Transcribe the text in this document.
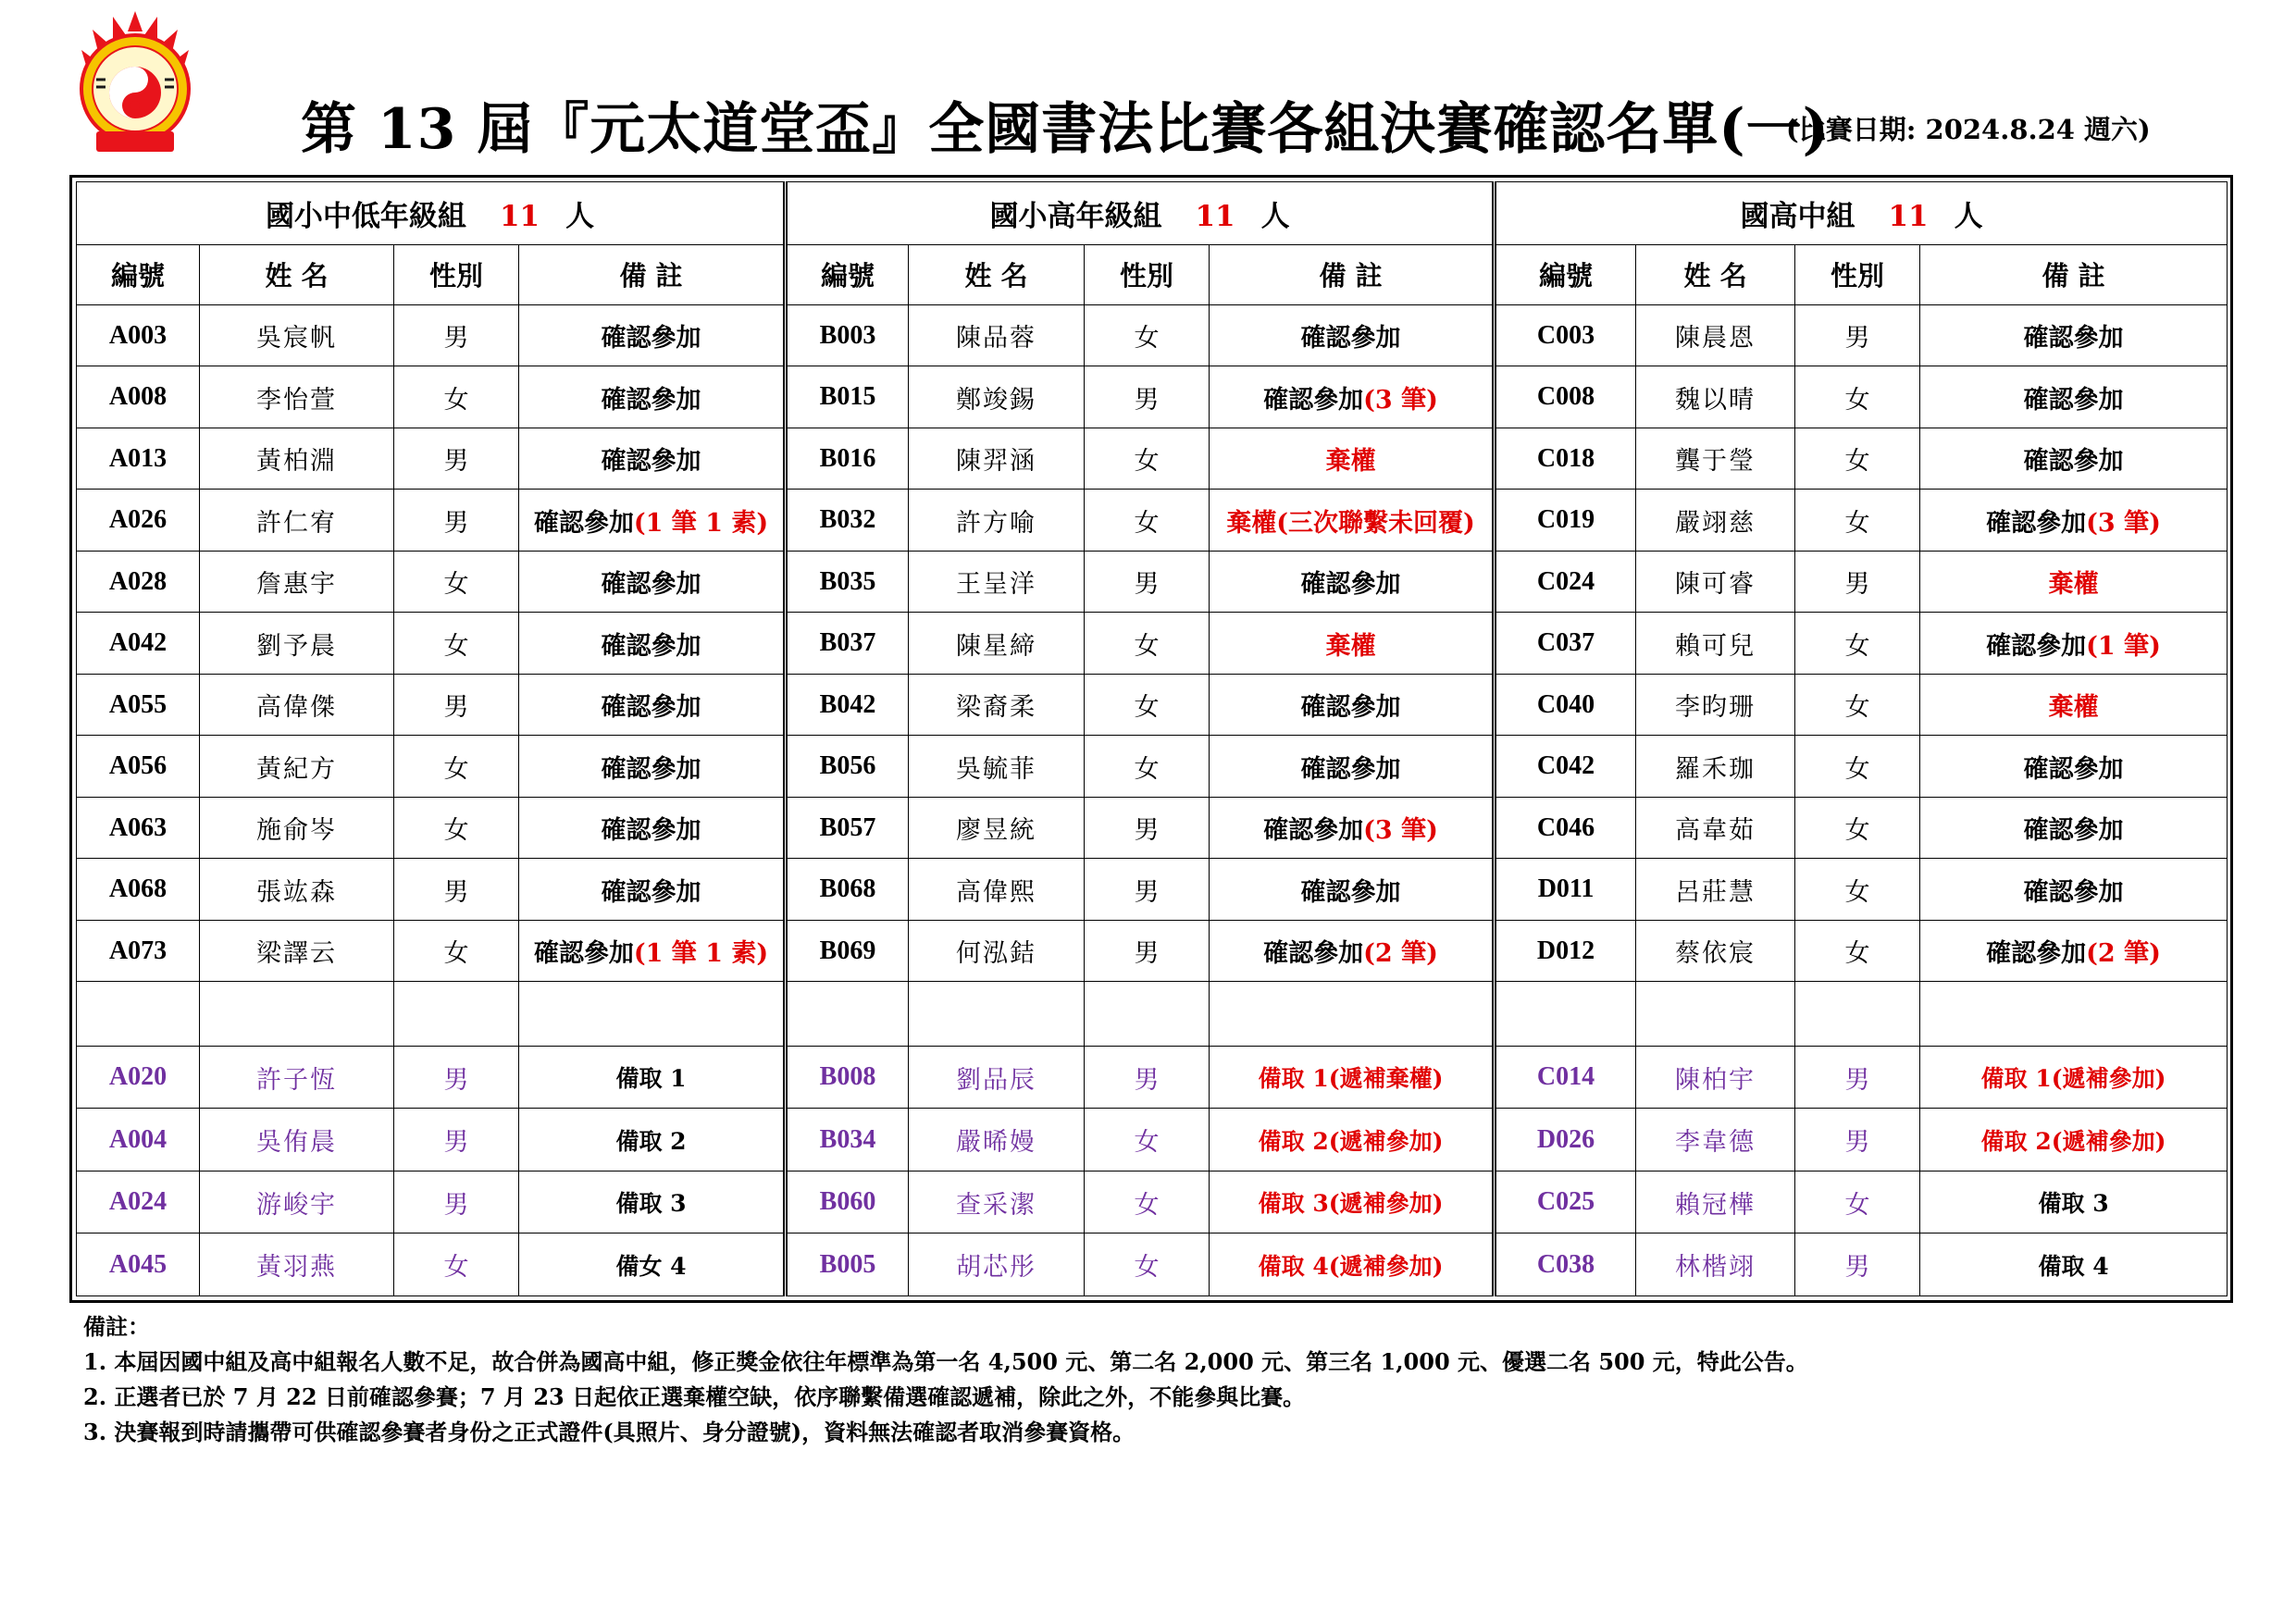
第 13 屆『元太道堂盃』全國書法比賽各組決賽確認名單(一)
(比賽日期: 2024.8.24 週六)
國小中低年級組 11 人				國小高年級組 11 人				國高中組 11 人			
編號	姓 名	性別	備 註	編號	姓 名	性別	備 註	編號	姓 名	性別	備 註
A003	吳宸帆	男	確認參加	B003	陳品蓉	女	確認參加	C003	陳晨恩	男	確認參加
A008	李怡萱	女	確認參加	B015	鄭竣錫	男	確認參加(3 筆)	C008	魏以晴	女	確認參加
A013	黃柏淵	男	確認參加	B016	陳羿涵	女	棄權	C018	龔于瑩	女	確認參加
A026	許仁宥	男	確認參加(1 筆 1 素)	B032	許方喻	女	棄權(三次聯繫未回覆)	C019	嚴翊慈	女	確認參加(3 筆)
A028	詹惠宇	女	確認參加	B035	王呈洋	男	確認參加	C024	陳可睿	男	棄權
A042	劉予晨	女	確認參加	B037	陳星締	女	棄權	C037	賴可兒	女	確認參加(1 筆)
A055	高偉傑	男	確認參加	B042	梁裔柔	女	確認參加	C040	李昀珊	女	棄權
A056	黃紀方	女	確認參加	B056	吳毓菲	女	確認參加	C042	羅禾珈	女	確認參加
A063	施俞岑	女	確認參加	B057	廖昱統	男	確認參加(3 筆)	C046	高韋茹	女	確認參加
A068	張竑森	男	確認參加	B068	高偉熙	男	確認參加	D011	呂莊慧	女	確認參加
A073	梁譯云	女	確認參加(1 筆 1 素)	B069	何泓銡	男	確認參加(2 筆)	D012	蔡依宸	女	確認參加(2 筆)

A020	許子恆	男	備取 1	B008	劉品辰	男	備取 1(遞補棄權)	C014	陳柏宇	男	備取 1(遞補參加)
A004	吳侑晨	男	備取 2	B034	嚴晞嫚	女	備取 2(遞補參加)	D026	李韋德	男	備取 2(遞補參加)
A024	游峻宇	男	備取 3	B060	查采潔	女	備取 3(遞補參加)	C025	賴冠樺	女	備取 3
A045	黃羽燕	女	備女 4	B005	胡芯彤	女	備取 4(遞補參加)	C038	林楷翊	男	備取 4
備註：
1. 本屆因國中組及高中組報名人數不足，故合併為國高中組，修正獎金依往年標準為第一名 4,500 元、第二名 2,000 元、第三名 1,000 元、優選二名 500 元，特此公告。
2. 正選者已於 7 月 22 日前確認參賽；7 月 23 日起依正選棄權空缺，依序聯繫備選確認遞補，除此之外，不能參與比賽。
3. 決賽報到時請攜帶可供確認參賽者身份之正式證件(具照片、身分證號)，資料無法確認者取消參賽資格。
